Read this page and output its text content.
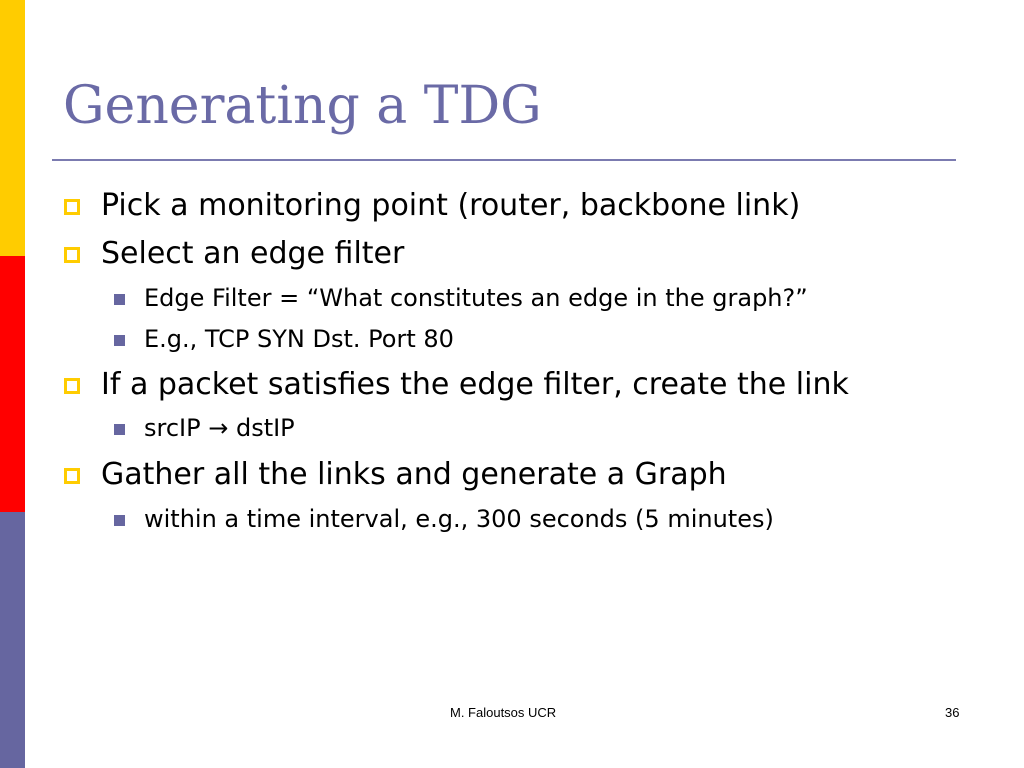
Generating a TDG
Pick a monitoring point (router, backbone link)
Select an edge filter
Edge Filter = “What constitutes an edge in the graph?”
E.g., TCP SYN Dst. Port 80
If a packet satisfies the edge filter, create the link
srcIP → dstIP
Gather all the links and generate a Graph
within a time interval, e.g., 300 seconds (5 minutes)
M. Faloutsos UCR	36
